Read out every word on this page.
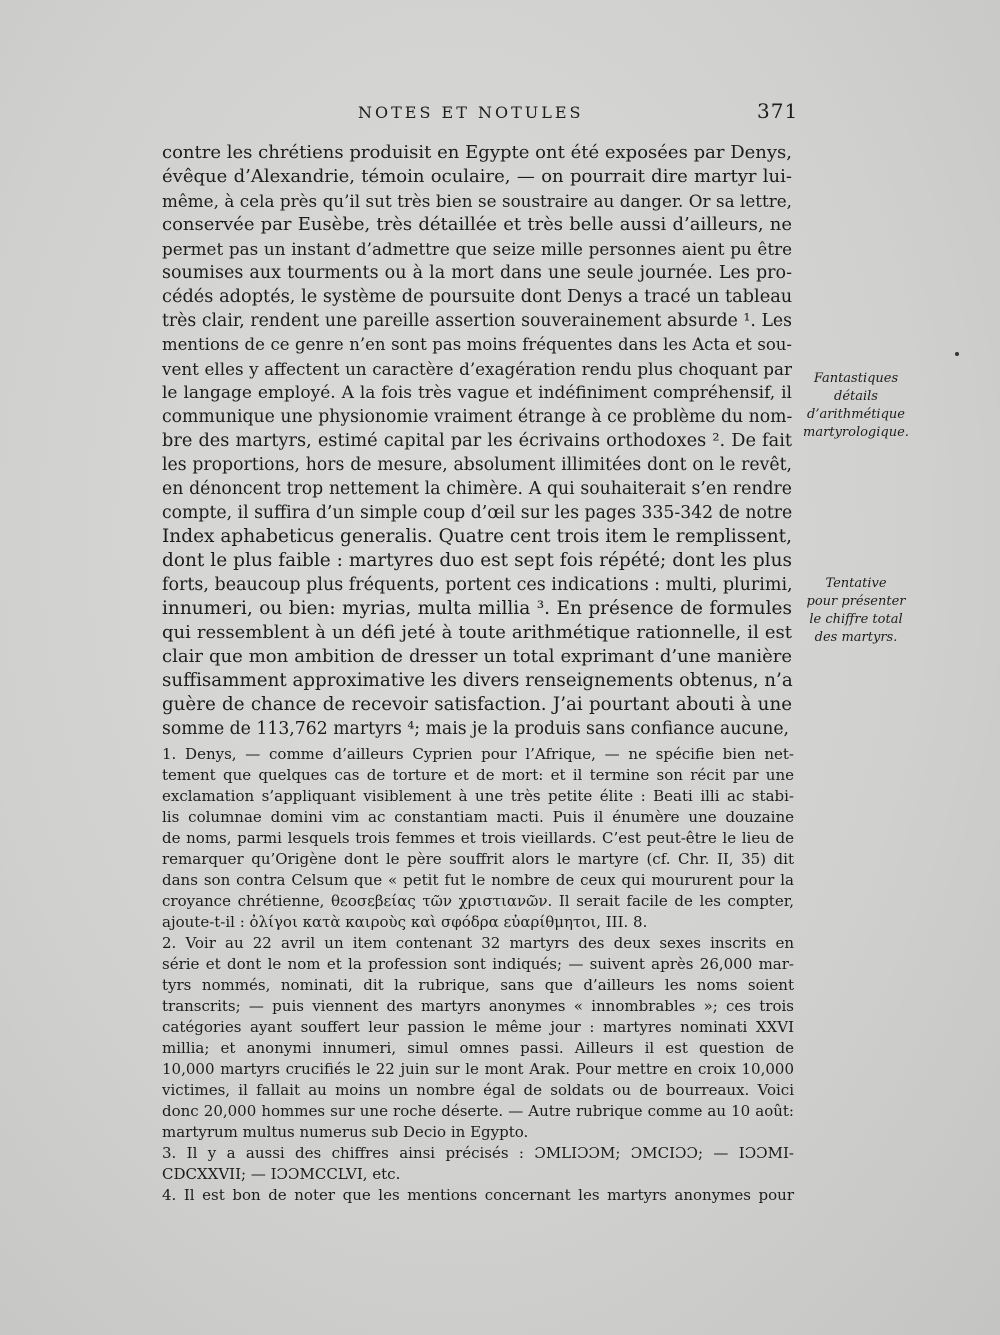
NOTES ET NOTULES	371
contre les chrétiens produisit en Egypte ont été exposées par Denys,
évêque d’Alexandrie, témoin oculaire, — on pourrait dire martyr lui-
même, à cela près qu’il sut très bien se soustraire au danger. Or sa lettre,
conservée par Eusèbe, très détaillée et très belle aussi d’ailleurs, ne
permet pas un instant d’admettre que seize mille personnes aient pu être
soumises aux tourments ou à la mort dans une seule journée. Les pro-
cédés adoptés, le système de poursuite dont Denys a tracé un tableau
très clair, rendent une pareille assertion souverainement absurde ¹. Les
mentions de ce genre n’en sont pas moins fréquentes dans les Acta et sou-
vent elles y affectent un caractère d’exagération rendu plus choquant par
le langage employé. A la fois très vague et indéfiniment compréhensif, il
communique une physionomie vraiment étrange à ce problème du nom-
bre des martyrs, estimé capital par les écrivains orthodoxes ². De fait
les proportions, hors de mesure, absolument illimitées dont on le revêt,
en dénoncent trop nettement la chimère. A qui souhaiterait s’en rendre
compte, il suffira d’un simple coup d’œil sur les pages 335-342 de notre
Index aphabeticus generalis. Quatre cent trois item le remplissent,
dont le plus faible : martyres duo est sept fois répété; dont les plus
forts, beaucoup plus fréquents, portent ces indications : multi, plurimi,
innumeri, ou bien: myrias, multa millia ³. En présence de formules
qui ressemblent à un défi jeté à toute arithmétique rationnelle, il est
clair que mon ambition de dresser un total exprimant d’une manière
suffisamment approximative les divers renseignements obtenus, n’a
guère de chance de recevoir satisfaction. J’ai pourtant abouti à une
somme de 113,762 martyrs ⁴; mais je la produis sans confiance aucune,
Fantastiques
détails
d’arithmétique
martyrologique.
Tentative
pour présenter
le chiffre total
des martyrs.
1. Denys, — comme d’ailleurs Cyprien pour l’Afrique, — ne spécifie bien net-
tement que quelques cas de torture et de mort: et il termine son récit par une
exclamation s’appliquant visiblement à une très petite élite : Beati illi ac stabi-
lis columnae domini vim ac constantiam macti. Puis il énumère une douzaine
de noms, parmi lesquels trois femmes et trois vieillards. C’est peut-être le lieu de
remarquer qu’Origène dont le père souffrit alors le martyre (cf. Chr. II, 35) dit
dans son contra Celsum que « petit fut le nombre de ceux qui moururent pour la
croyance chrétienne, θεοσεβείας τῶν χριστιανῶν. Il serait facile de les compter,
ajoute-t-il : ὀλίγοι κατὰ καιροὺς καὶ σφόδρα εὐαρίθμητοι, III. 8.
2. Voir au 22 avril un item contenant 32 martyrs des deux sexes inscrits en
série et dont le nom et la profession sont indiqués; — suivent après 26,000 mar-
tyrs nommés, nominati, dit la rubrique, sans que d’ailleurs les noms soient
transcrits; — puis viennent des martyrs anonymes « innombrables »; ces trois
catégories ayant souffert leur passion le même jour : martyres nominati XXVI
millia; et anonymi innumeri, simul omnes passi. Ailleurs il est question de
10,000 martyrs crucifiés le 22 juin sur le mont Arak. Pour mettre en croix 10,000
victimes, il fallait au moins un nombre égal de soldats ou de bourreaux. Voici
donc 20,000 hommes sur une roche déserte. — Autre rubrique comme au 10 août:
martyrum multus numerus sub Decio in Egypto.
3. Il y a aussi des chiffres ainsi précisés : ƆMLIƆƆM; ƆMCIƆƆ; — IƆƆMI-
CDCXXVII; — IƆƆMCCLVI, etc.
4. Il est bon de noter que les mentions concernant les martyrs anonymes pour
